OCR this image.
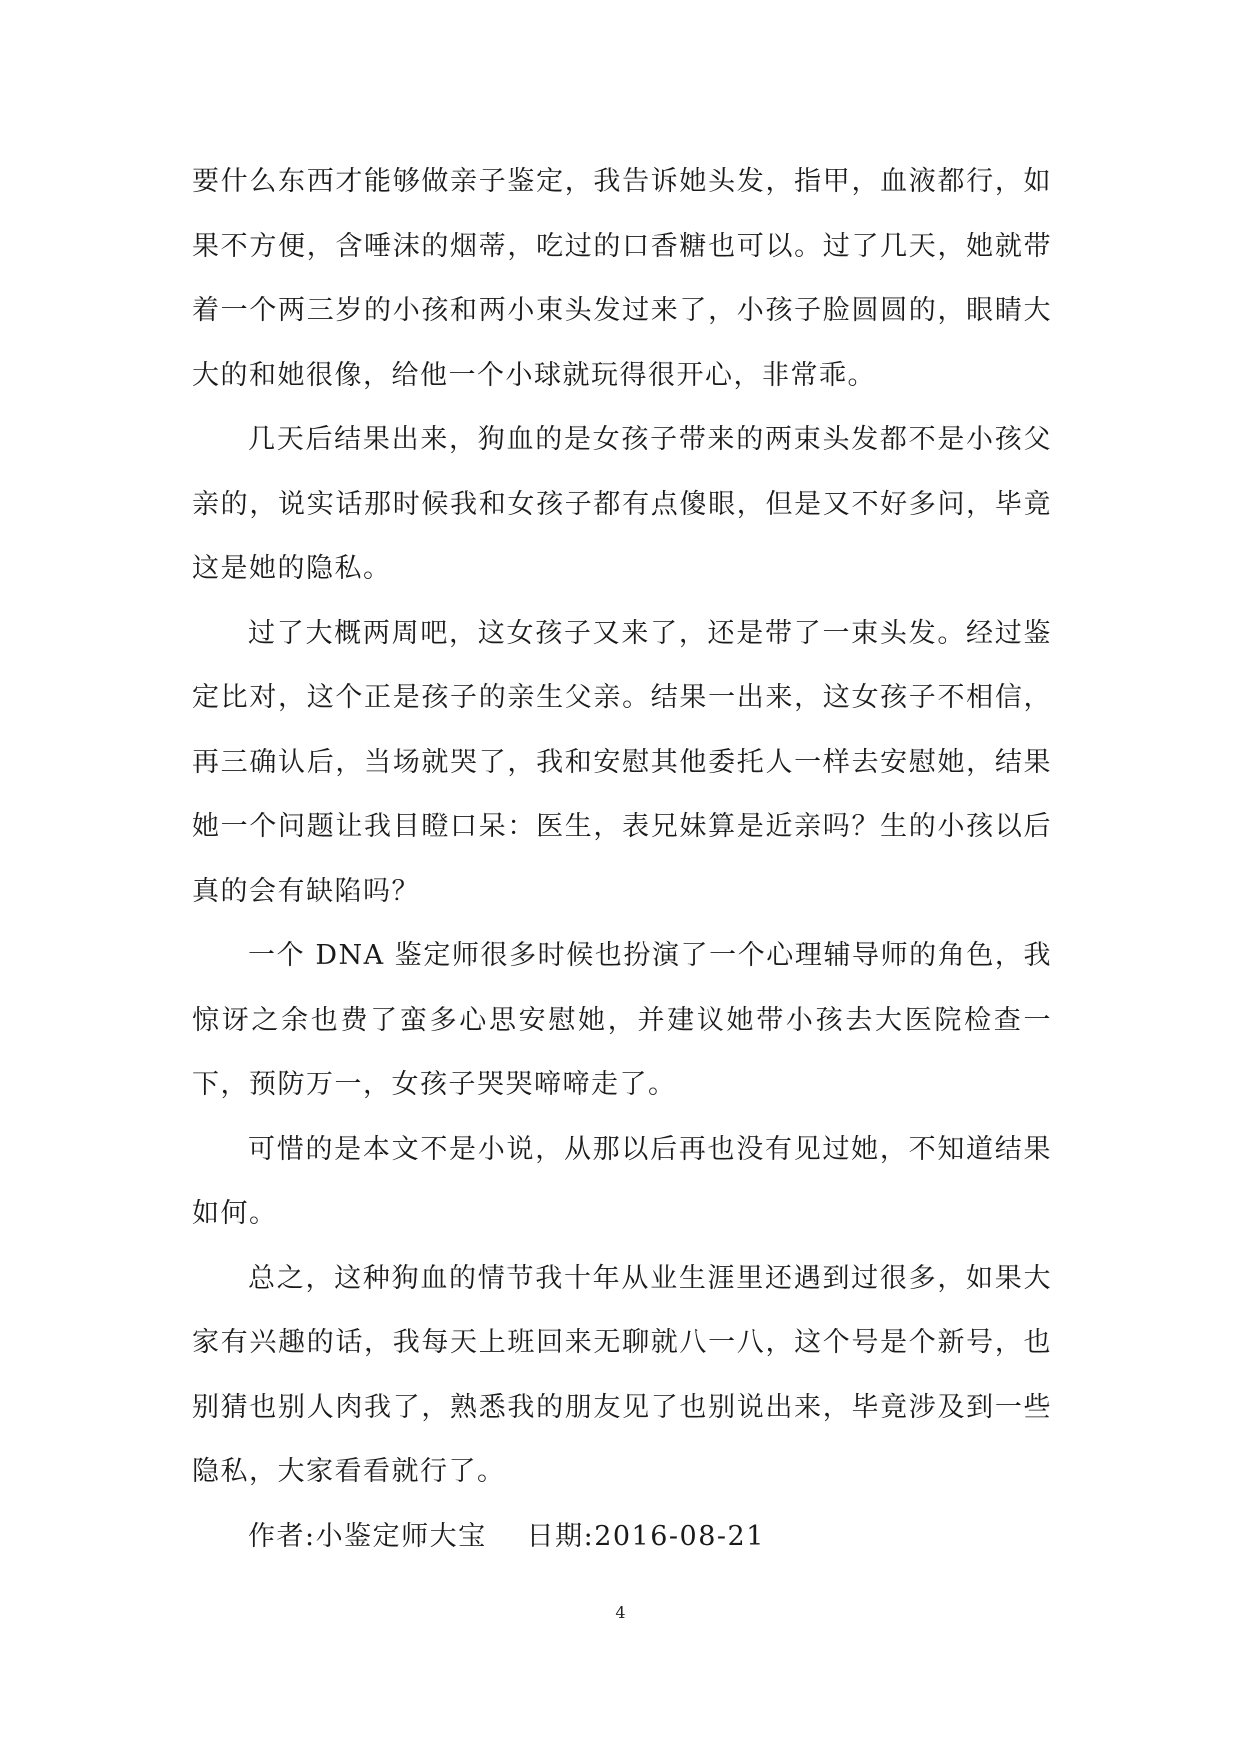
要什么东西才能够做亲子鉴定，我告诉她头发，指甲，血液都行，如果不方便，含唾沫的烟蒂，吃过的口香糖也可以。过了几天，她就带着一个两三岁的小孩和两小束头发过来了，小孩子脸圆圆的，眼睛大大的和她很像，给他一个小球就玩得很开心，非常乖。

几天后结果出来，狗血的是女孩子带来的两束头发都不是小孩父亲的，说实话那时候我和女孩子都有点傻眼，但是又不好多问，毕竟这是她的隐私。

过了大概两周吧，这女孩子又来了，还是带了一束头发。经过鉴定比对，这个正是孩子的亲生父亲。结果一出来，这女孩子不相信，再三确认后，当场就哭了，我和安慰其他委托人一样去安慰她，结果她一个问题让我目瞪口呆：医生，表兄妹算是近亲吗？生的小孩以后真的会有缺陷吗？

一个 DNA 鉴定师很多时候也扮演了一个心理辅导师的角色，我惊讶之余也费了蛮多心思安慰她，并建议她带小孩去大医院检查一下，预防万一，女孩子哭哭啼啼走了。

可惜的是本文不是小说，从那以后再也没有见过她，不知道结果如何。

总之，这种狗血的情节我十年从业生涯里还遇到过很多，如果大家有兴趣的话，我每天上班回来无聊就八一八，这个号是个新号，也别猜也别人肉我了，熟悉我的朋友见了也别说出来，毕竟涉及到一些隐私，大家看看就行了。

作者:小鉴定师大宝 日期:2016-08-21

4
